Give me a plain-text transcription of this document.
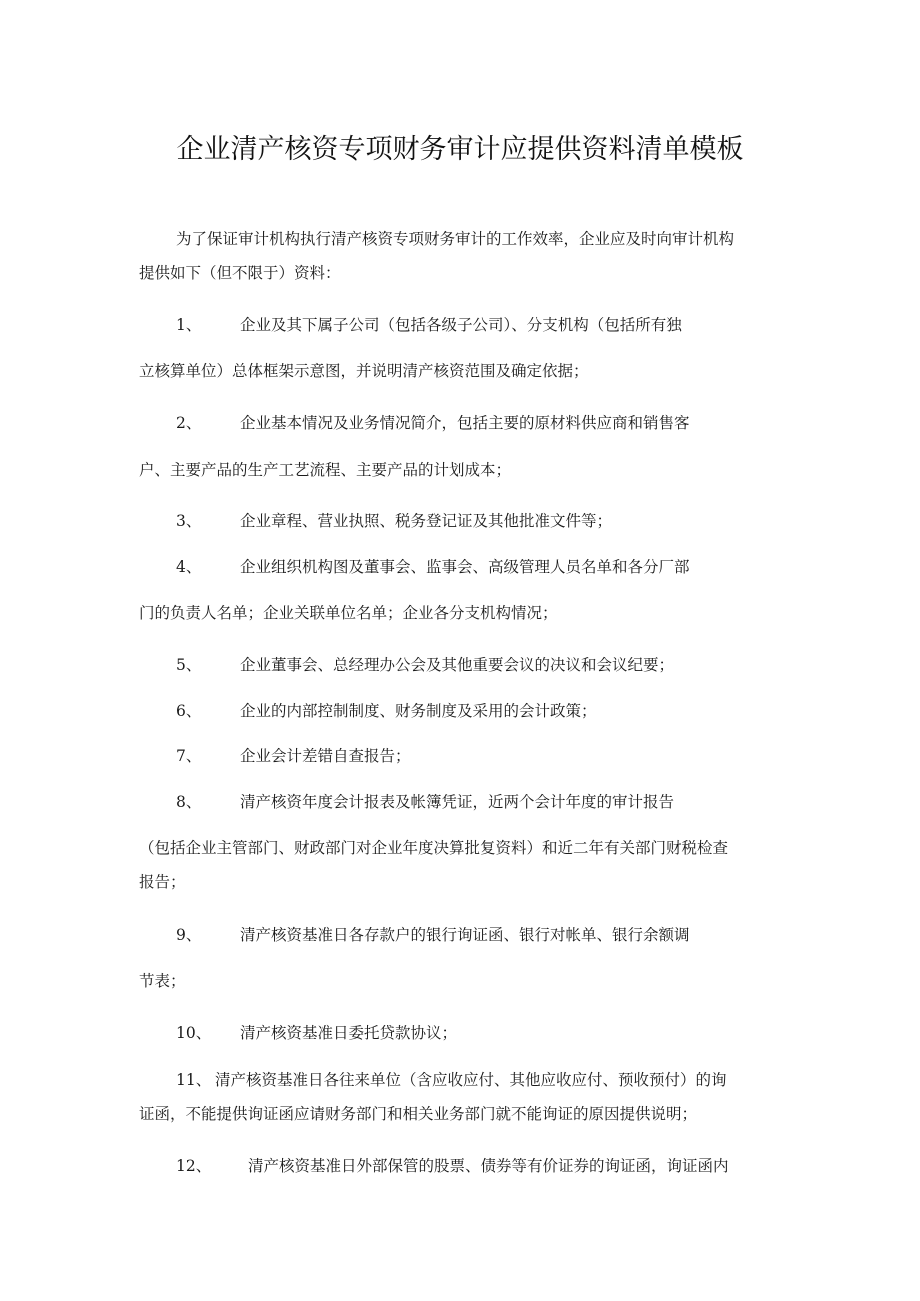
企业清产核资专项财务审计应提供资料清单模板
为了保证审计机构执行清产核资专项财务审计的工作效率，企业应及时向审计机构
提供如下（但不限于）资料：
1、 企业及其下属子公司（包括各级子公司）、分支机构（包括所有独
立核算单位）总体框架示意图，并说明清产核资范围及确定依据；
2、 企业基本情况及业务情况简介，包括主要的原材料供应商和销售客
户、主要产品的生产工艺流程、主要产品的计划成本；
3、 企业章程、营业执照、税务登记证及其他批准文件等；
4、 企业组织机构图及董事会、监事会、高级管理人员名单和各分厂部
门的负责人名单；企业关联单位名单；企业各分支机构情况；
5、 企业董事会、总经理办公会及其他重要会议的决议和会议纪要；
6、 企业的内部控制制度、财务制度及采用的会计政策；
7、 企业会计差错自查报告；
8、 清产核资年度会计报表及帐簿凭证，近两个会计年度的审计报告
（包括企业主管部门、财政部门对企业年度决算批复资料）和近二年有关部门财税检查
报告；
9、 清产核资基准日各存款户的银行询证函、银行对帐单、银行余额调
节表；
10、 清产核资基准日委托贷款协议；
11、 清产核资基准日各往来单位（含应收应付、其他应收应付、预收预付）的询
证函，不能提供询证函应请财务部门和相关业务部门就不能询证的原因提供说明；
12、 清产核资基准日外部保管的股票、债券等有价证券的询证函，询证函内
